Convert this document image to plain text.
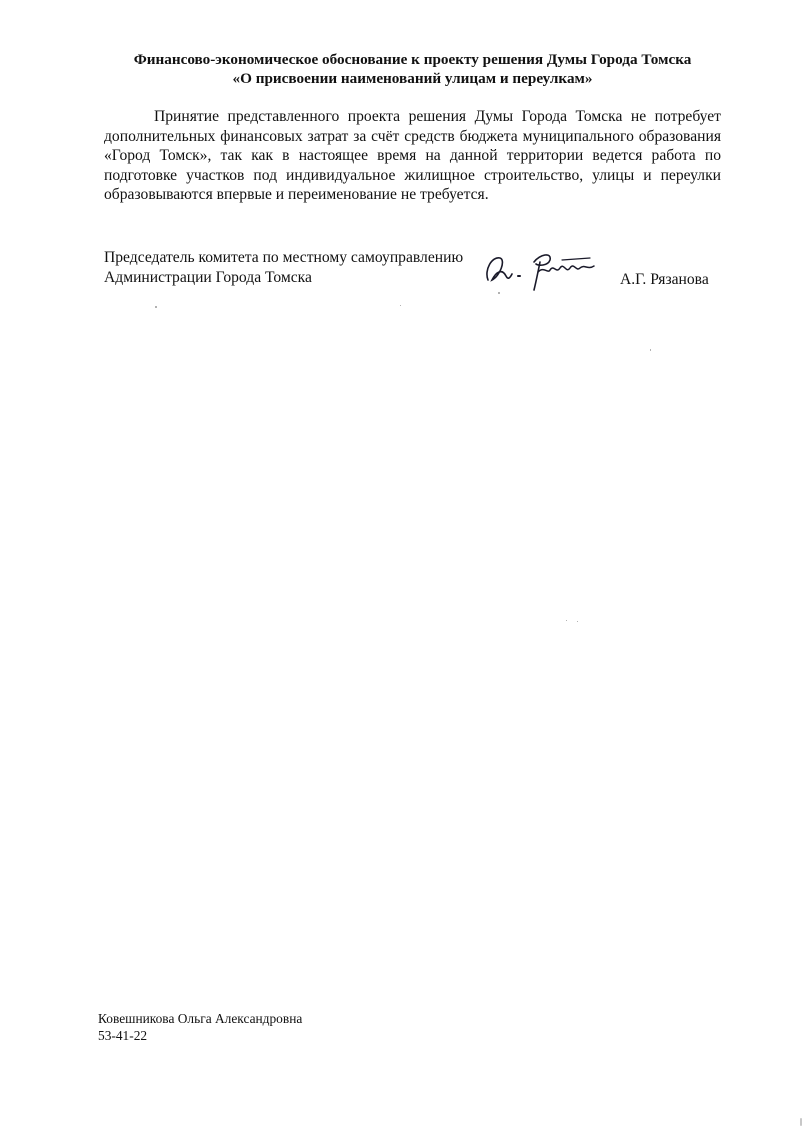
Финансово-экономическое обоснование к проекту решения Думы Города Томска
«О присвоении наименований улицам и переулкам»
Принятие представленного проекта решения Думы Города Томска не потребует дополнительных финансовых затрат за счёт средств бюджета муниципального образования «Город Томск», так как в настоящее время на данной территории ведется работа по подготовке участков под индивидуальное жилищное строительство, улицы и переулки образовываются впервые и переименование не требуется.
Председатель комитета по местному самоуправлению
Администрации Города Томска	А.Г. Рязанова
Ковешникова Ольга Александровна
53-41-22
